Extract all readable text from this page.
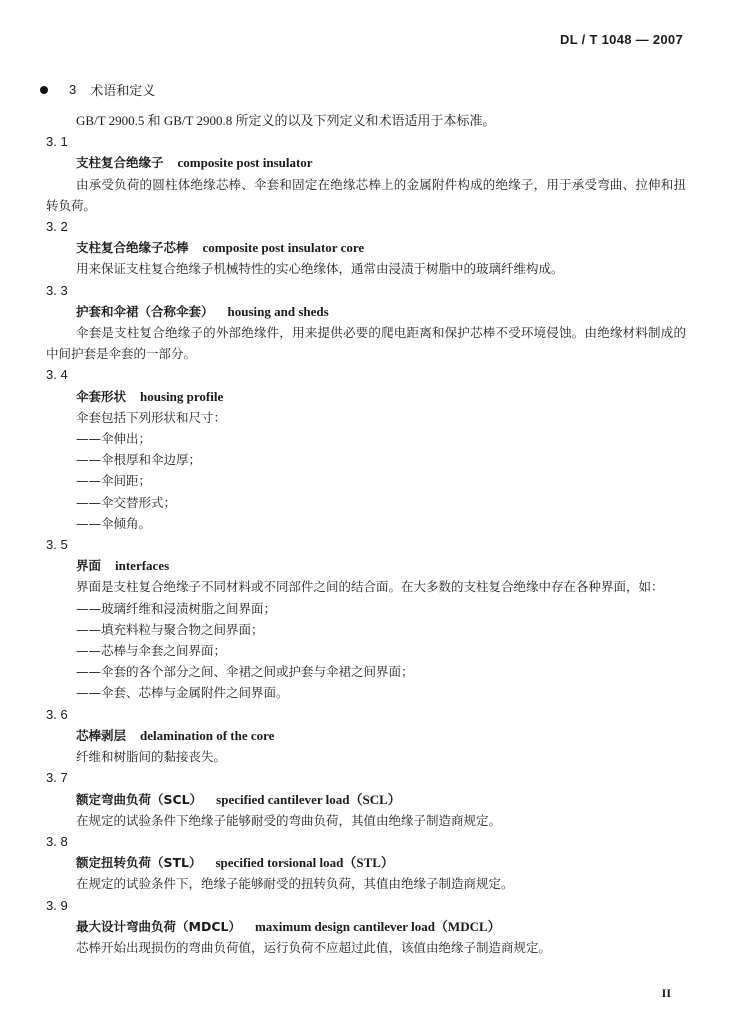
DL / T 1048 — 2007
3 术语和定义
GB/T 2900.5 和 GB/T 2900.8 所定义的以及下列定义和术语适用于本标准。
3. 1
支柱复合绝缘子 composite post insulator
由承受负荷的圆柱体绝缘芯棒、伞套和固定在绝缘芯棒上的金属附件构成的绝缘子，用于承受弯曲、拉伸和扭转负荷。
3. 2
支柱复合绝缘子芯棒 composite post insulator core
用来保证支柱复合绝缘子机械特性的实心绝缘体，通常由浸渍于树脂中的玻璃纤维构成。
3. 3
护套和伞裙（合称伞套） housing and sheds
伞套是支柱复合绝缘子的外部绝缘件，用来提供必要的爬电距离和保护芯棒不受环境侵蚀。由绝缘材料制成的中间护套是伞套的一部分。
3. 4
伞套形状 housing profile
伞套包括下列形状和尺寸：
——伞伸出；
——伞根厚和伞边厚；
——伞间距；
——伞交替形式；
——伞倾角。
3. 5
界面 interfaces
界面是支柱复合绝缘子不同材料或不同部件之间的结合面。在大多数的支柱复合绝缘中存在各种界面，如：
——玻璃纤维和浸渍树脂之间界面；
——填充料粒与聚合物之间界面；
——芯棒与伞套之间界面；
——伞套的各个部分之间、伞裙之间或护套与伞裙之间界面；
——伞套、芯棒与金属附件之间界面。
3. 6
芯棒剥层 delamination of the core
纤维和树脂间的黏接丧失。
3. 7
额定弯曲负荷（SCL） specified cantilever load（SCL）
在规定的试验条件下绝缘子能够耐受的弯曲负荷，其值由绝缘子制造商规定。
3. 8
额定扭转负荷（STL） specified torsional load（STL）
在规定的试验条件下，绝缘子能够耐受的扭转负荷，其值由绝缘子制造商规定。
3. 9
最大设计弯曲负荷（MDCL） maximum design cantilever load（MDCL）
芯棒开始出现损伤的弯曲负荷值，运行负荷不应超过此值，该值由绝缘子制造商规定。
II
